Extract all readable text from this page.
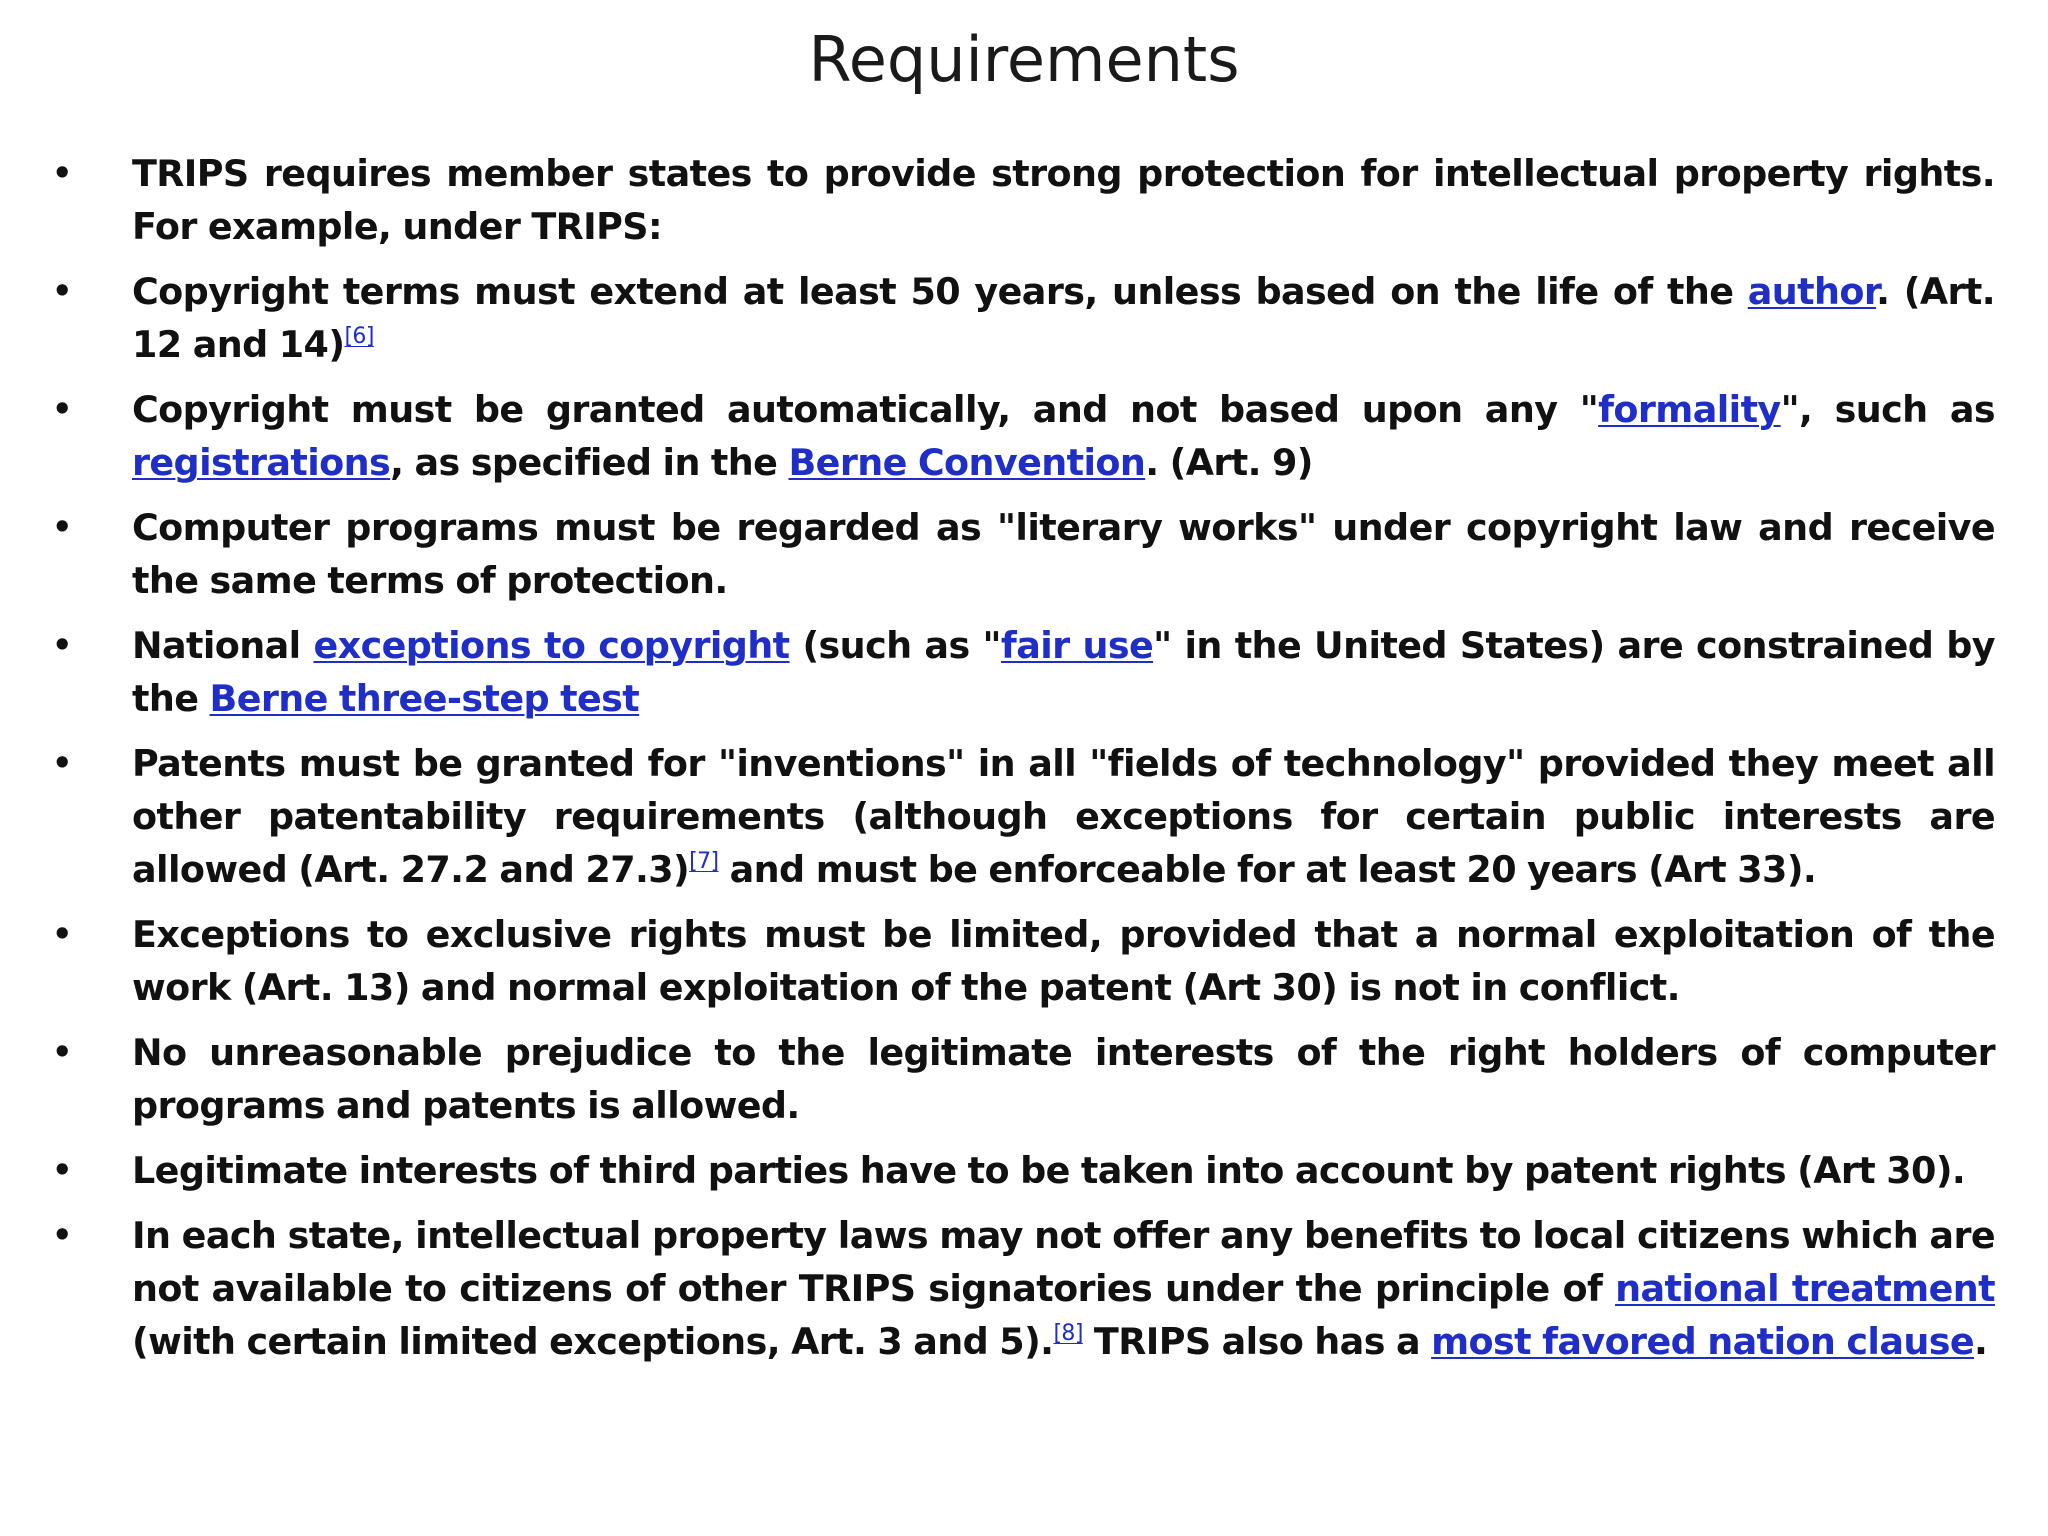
Requirements
•	TRIPS requires member states to provide strong protection for intellectual property rights. For example, under TRIPS:
•	Copyright terms must extend at least 50 years, unless based on the life of the author. (Art. 12 and 14)[6]
•	Copyright must be granted automatically, and not based upon any "formality", such as registrations, as specified in the Berne Convention. (Art. 9)
•	Computer programs must be regarded as "literary works" under copyright law and receive the same terms of protection.
•	National exceptions to copyright (such as "fair use" in the United States) are constrained by the Berne three-step test
•	Patents must be granted for "inventions" in all "fields of technology" provided they meet all other patentability requirements (although exceptions for certain public interests are allowed (Art. 27.2 and 27.3)[7] and must be enforceable for at least 20 years (Art 33).
•	Exceptions to exclusive rights must be limited, provided that a normal exploitation of the work (Art. 13) and normal exploitation of the patent (Art 30) is not in conflict.
•	No unreasonable prejudice to the legitimate interests of the right holders of computer programs and patents is allowed.
•	Legitimate interests of third parties have to be taken into account by patent rights (Art 30).
•	In each state, intellectual property laws may not offer any benefits to local citizens which are not available to citizens of other TRIPS signatories under the principle of national treatment (with certain limited exceptions, Art. 3 and 5).[8] TRIPS also has a most favored nation clause.
